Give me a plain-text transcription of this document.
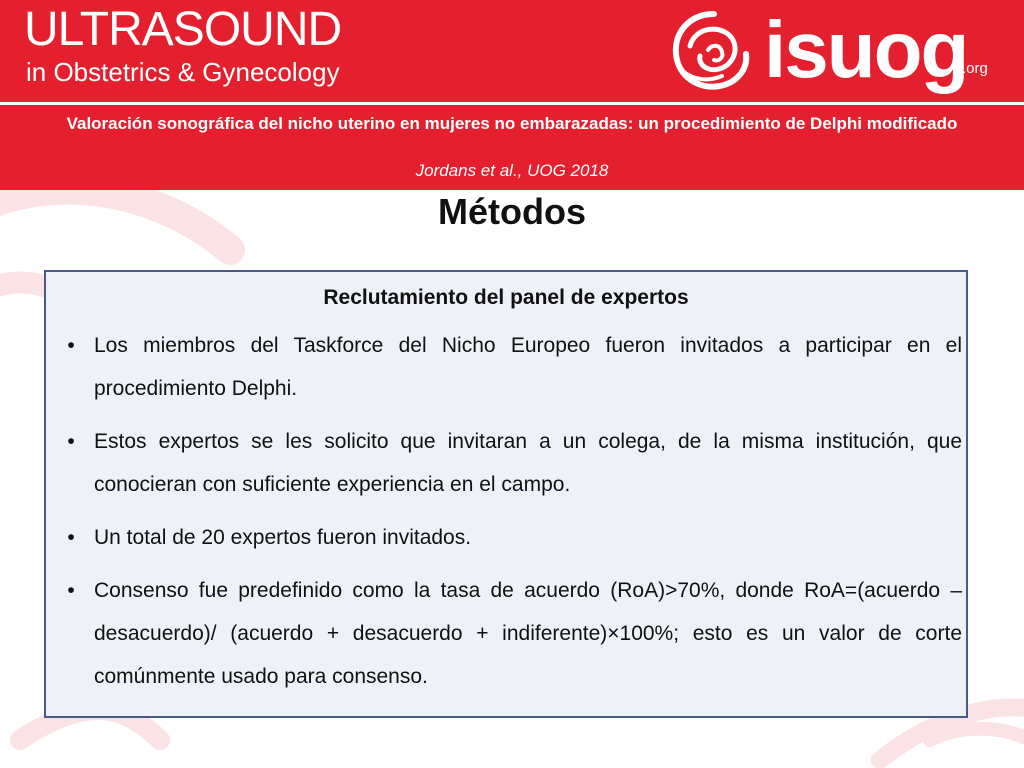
ULTRASOUND
in Obstetrics & Gynecology	isuog
.org
Valoración sonográfica del nicho uterino en mujeres no embarazadas: un procedimiento de Delphi modificado
Jordans et al., UOG 2018
Métodos
Reclutamiento del panel de expertos
• Los miembros del Taskforce del Nicho Europeo fueron invitados a participar en el procedimiento Delphi.
• Estos expertos se les solicito que invitaran a un colega, de la misma institución, que conocieran con suficiente experiencia en el campo.
• Un total de 20 expertos fueron invitados.
• Consenso fue predefinido como la tasa de acuerdo (RoA)>70%, donde RoA=(acuerdo – desacuerdo)/ (acuerdo + desacuerdo + indiferente)×100%; esto es un valor de corte comúnmente usado para consenso.
